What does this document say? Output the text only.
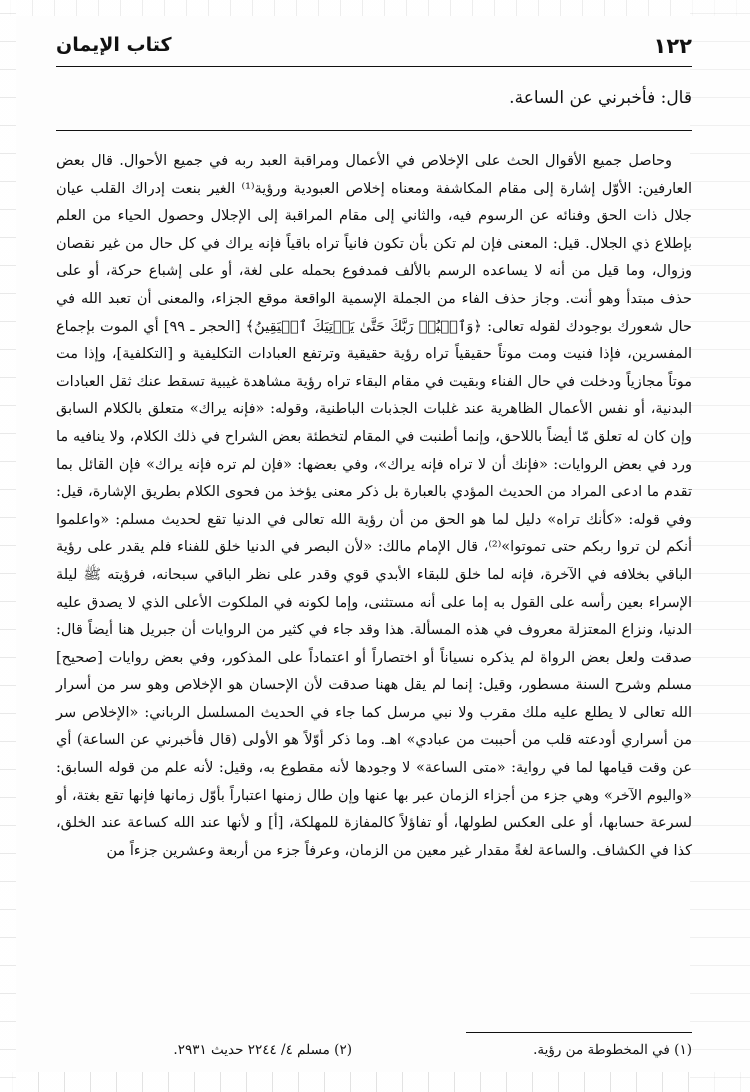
١٢٢
كتاب الإيمان
قال: فأخبرني عن الساعة.

وحاصل جميع الأقوال الحث على الإخلاص في الأعمال ومراقبة العبد ربه في جميع الأحوال. قال بعض العارفين: الأوّل إشارة إلى مقام المكاشفة ومعناه إخلاص العبودية ورؤية⁽¹⁾ الغير بنعت إدراك القلب عيان جلال ذات الحق وفنائه عن الرسوم فيه، والثاني إلى مقام المراقبة إلى الإجلال وحصول الحياء من العلم بإطلاع ذي الجلال. قيل: المعنى فإن لم تكن بأن تكون فانياً تراه باقياً فإنه يراك في كل حال من غير نقصان وزوال، وما قيل من أنه لا يساعده الرسم بالألف فمدفوع بحمله على لغة، أو على إشباع حركة، أو على حذف مبتدأ وهو أنت. وجاز حذف الفاء من الجملة الإسمية الواقعة موقع الجزاء، والمعنى أن تعبد الله في حال شعورك بوجودك لقوله تعالى: ﴿وَٱعۡبُدۡ رَبَّكَ حَتَّىٰ يَأۡتِيَكَ ٱلۡيَقِينُ﴾ [الحجر ـ ٩٩] أي الموت بإجماع المفسرين، فإذا فنيت ومت موتاً حقيقياً تراه رؤية حقيقية وترتفع العبادات التكليفية و [التكلفية]، وإذا مت موتاً مجازياً ودخلت في حال الفناء وبقيت في مقام البقاء تراه رؤية مشاهدة غيبية تسقط عنك ثقل العبادات البدنية، أو نفس الأعمال الظاهرية عند غلبات الجذبات الباطنية، وقوله: «فإنه يراك» متعلق بالكلام السابق وإن كان له تعلق مّا أيضاً باللاحق، وإنما أطنبت في المقام لتخطئة بعض الشراح في ذلك الكلام، ولا ينافيه ما ورد في بعض الروايات: «فإنك أن لا تراه فإنه يراك»، وفي بعضها: «فإن لم تره فإنه يراك» فإن القائل بما تقدم ما ادعى المراد من الحديث المؤدي بالعبارة بل ذكر معنى يؤخذ من فحوى الكلام بطريق الإشارة، قيل: وفي قوله: «كأنك تراه» دليل لما هو الحق من أن رؤية الله تعالى في الدنيا تقع لحديث مسلم: «واعلموا أنكم لن تروا ربكم حتى تموتوا»⁽²⁾، قال الإمام مالك: «لأن البصر في الدنيا خلق للفناء فلم يقدر على رؤية الباقي بخلافه في الآخرة، فإنه لما خلق للبقاء الأبدي قوي وقدر على نظر الباقي سبحانه، فرؤيته ﷺ ليلة الإسراء بعين رأسه على القول به إما على أنه مستثنى، وإما لكونه في الملكوت الأعلى الذي لا يصدق عليه الدنيا، ونزاع المعتزلة معروف في هذه المسألة. هذا وقد جاء في كثير من الروايات أن جبريل هنا أيضاً قال: صدقت ولعل بعض الرواة لم يذكره نسياناً أو اختصاراً أو اعتماداً على المذكور، وفي بعض روايات [صحيح] مسلم وشرح السنة مسطور، وقيل: إنما لم يقل ههنا صدقت لأن الإحسان هو الإخلاص وهو سر من أسرار الله تعالى لا يطلع عليه ملك مقرب ولا نبي مرسل كما جاء في الحديث المسلسل الرباني: «الإخلاص سر من أسراري أودعته قلب من أحببت من عبادي» اهـ. وما ذكر أوّلاً هو الأولى (قال فأخبرني عن الساعة) أي عن وقت قيامها لما في رواية: «متى الساعة» لا وجودها لأنه مقطوع به، وقيل: لأنه علم من قوله السابق: «واليوم الآخر» وهي جزء من أجزاء الزمان عبر بها عنها وإن طال زمنها اعتباراً بأوّل زمانها فإنها تقع بغتة، أو لسرعة حسابها، أو على العكس لطولها، أو تفاؤلاً كالمفازة للمهلكة، [أ] و لأنها عند الله كساعة عند الخلق، كذا في الكشاف. والساعة لغةً مقدار غير معين من الزمان، وعرفاً جزء من أربعة وعشرين جزءاً من

(١) في المخطوطة من رؤية.
(٢) مسلم ٤/ ٢٢٤٤ حديث ٢٩٣١.
